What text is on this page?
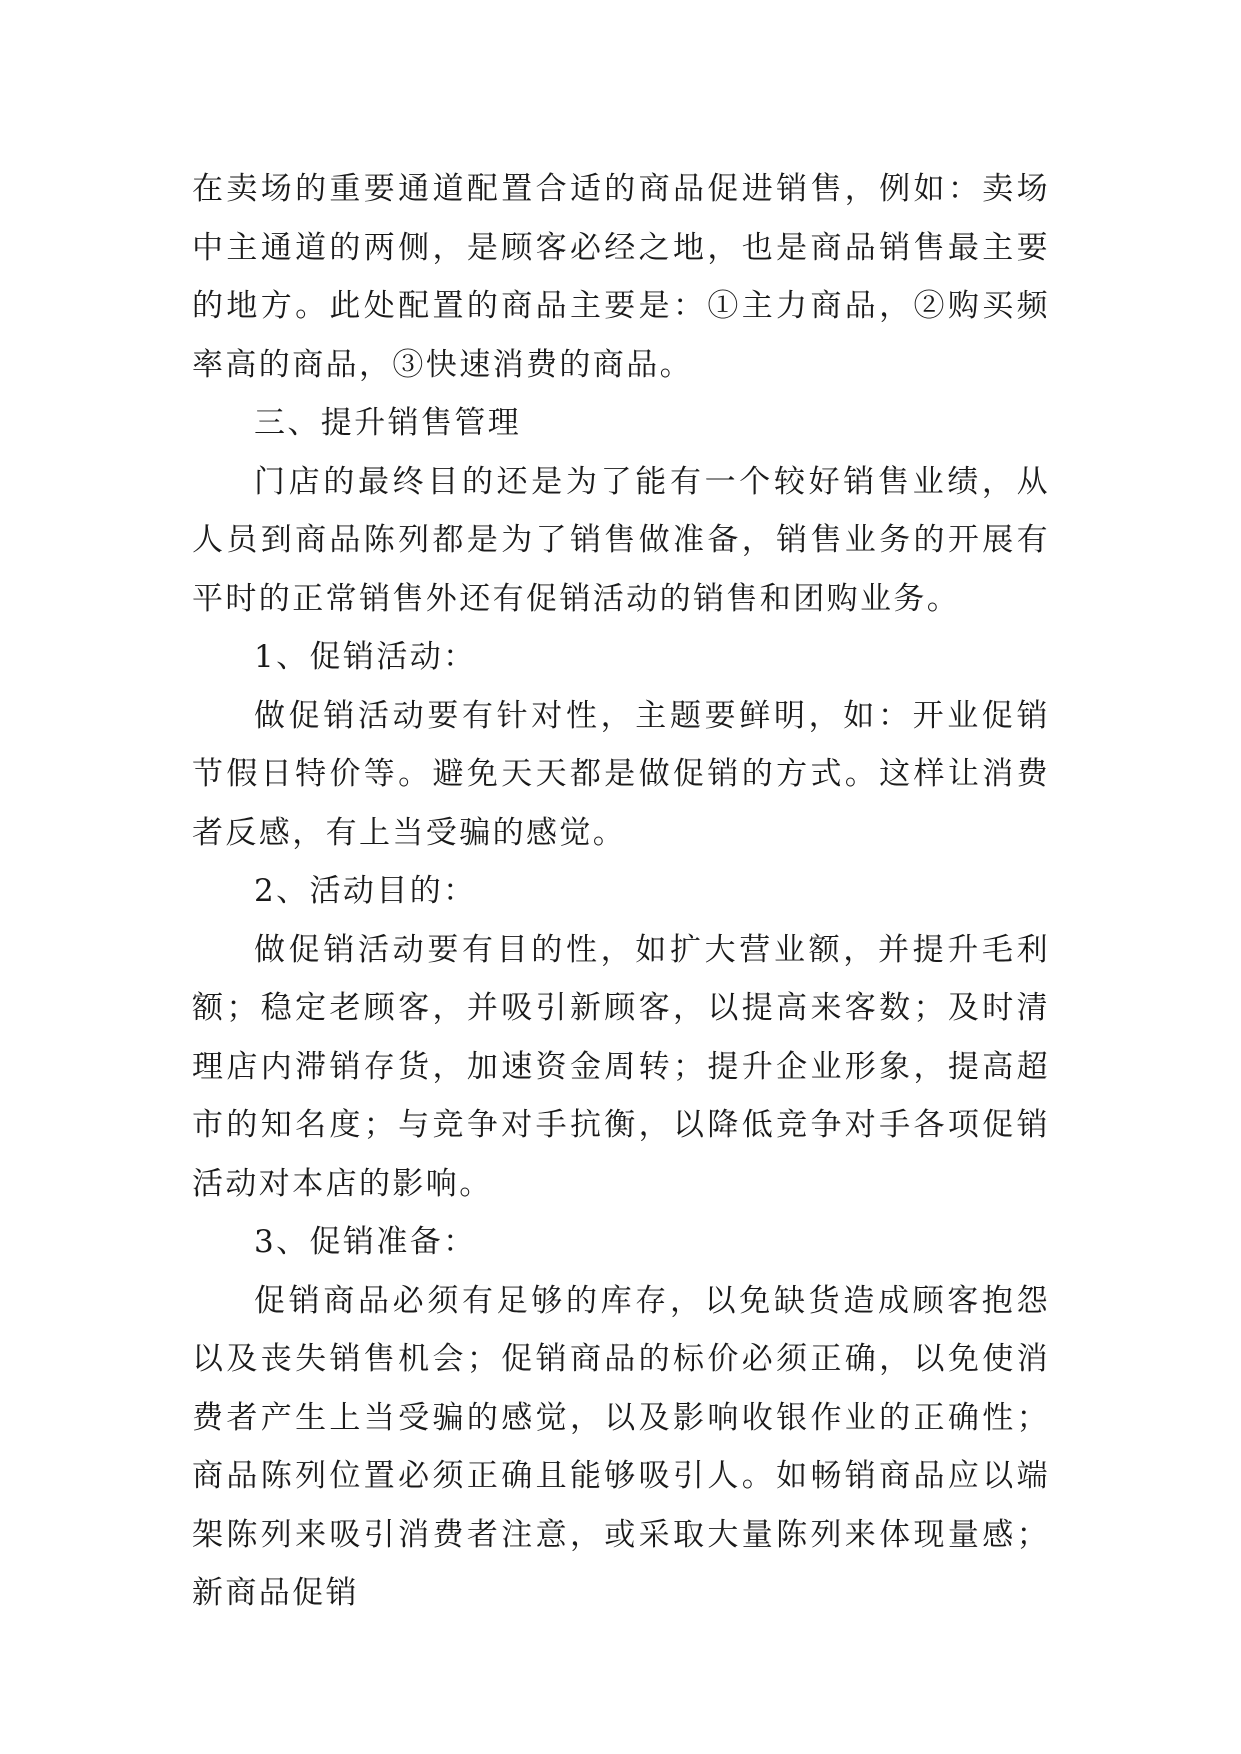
在卖场的重要通道配置合适的商品促进销售，例如：卖场中主通道的两侧，是顾客必经之地，也是商品销售最主要的地方。此处配置的商品主要是：①主力商品，②购买频率高的商品，③快速消费的商品。

三、提升销售管理

门店的最终目的还是为了能有一个较好销售业绩，从人员到商品陈列都是为了销售做准备，销售业务的开展有平时的正常销售外还有促销活动的销售和团购业务。

1、促销活动：

做促销活动要有针对性，主题要鲜明，如：开业促销节假日特价等。避免天天都是做促销的方式。这样让消费者反感，有上当受骗的感觉。

2、活动目的：

做促销活动要有目的性，如扩大营业额，并提升毛利额；稳定老顾客，并吸引新顾客，以提高来客数；及时清理店内滞销存货，加速资金周转；提升企业形象，提高超市的知名度；与竞争对手抗衡，以降低竞争对手各项促销活动对本店的影响。

3、促销准备：

促销商品必须有足够的库存，以免缺货造成顾客抱怨以及丧失销售机会；促销商品的标价必须正确，以免使消费者产生上当受骗的感觉，以及影响收银作业的正确性；商品陈列位置必须正确且能够吸引人。如畅销商品应以端架陈列来吸引消费者注意，或采取大量陈列来体现量感；新商品促销
